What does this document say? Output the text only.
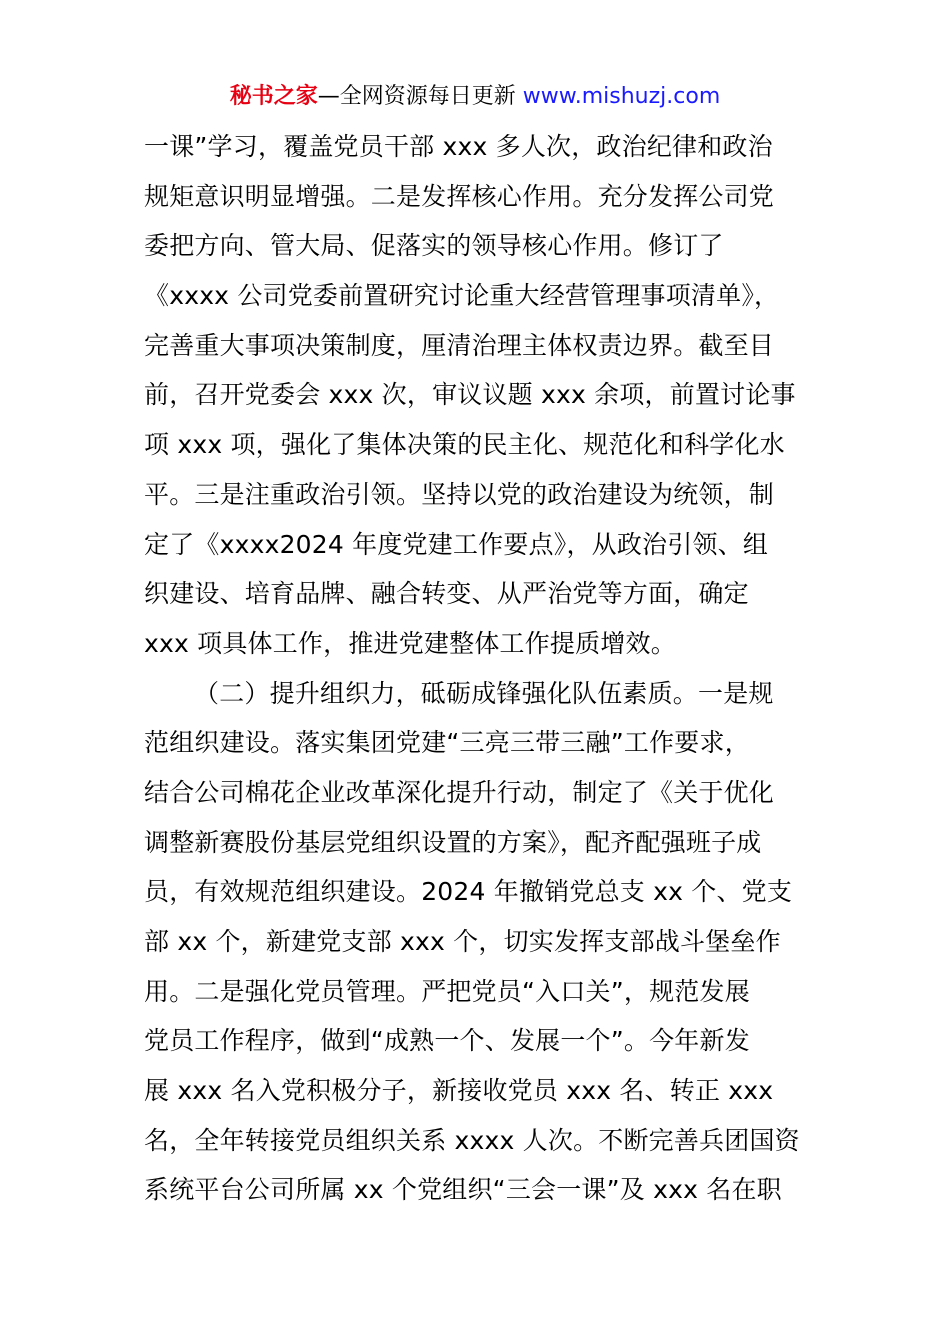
秘书之家—全网资源每日更新 www.mishuzj.com
一课”学习，覆盖党员干部 xxx 多人次，政治纪律和政治
规矩意识明显增强。二是发挥核心作用。充分发挥公司党
委把方向、管大局、促落实的领导核心作用。修订了
《xxxx 公司党委前置研究讨论重大经营管理事项清单》，
完善重大事项决策制度，厘清治理主体权责边界。截至目
前，召开党委会 xxx 次，审议议题 xxx 余项，前置讨论事
项 xxx 项，强化了集体决策的民主化、规范化和科学化水
平。三是注重政治引领。坚持以党的政治建设为统领，制
定了《xxxx2024 年度党建工作要点》，从政治引领、组
织建设、培育品牌、融合转变、从严治党等方面，确定
xxx 项具体工作，推进党建整体工作提质增效。
（二）提升组织力，砥砺成锋强化队伍素质。一是规
范组织建设。落实集团党建“三亮三带三融”工作要求，
结合公司棉花企业改革深化提升行动，制定了《关于优化
调整新赛股份基层党组织设置的方案》，配齐配强班子成
员，有效规范组织建设。2024 年撤销党总支 xx 个、党支
部 xx 个，新建党支部 xxx 个，切实发挥支部战斗堡垒作
用。二是强化党员管理。严把党员“入口关”，规范发展
党员工作程序，做到“成熟一个、发展一个”。今年新发
展 xxx 名入党积极分子，新接收党员 xxx 名、转正 xxx
名，全年转接党员组织关系 xxxx 人次。不断完善兵团国资
系统平台公司所属 xx 个党组织“三会一课”及 xxx 名在职
